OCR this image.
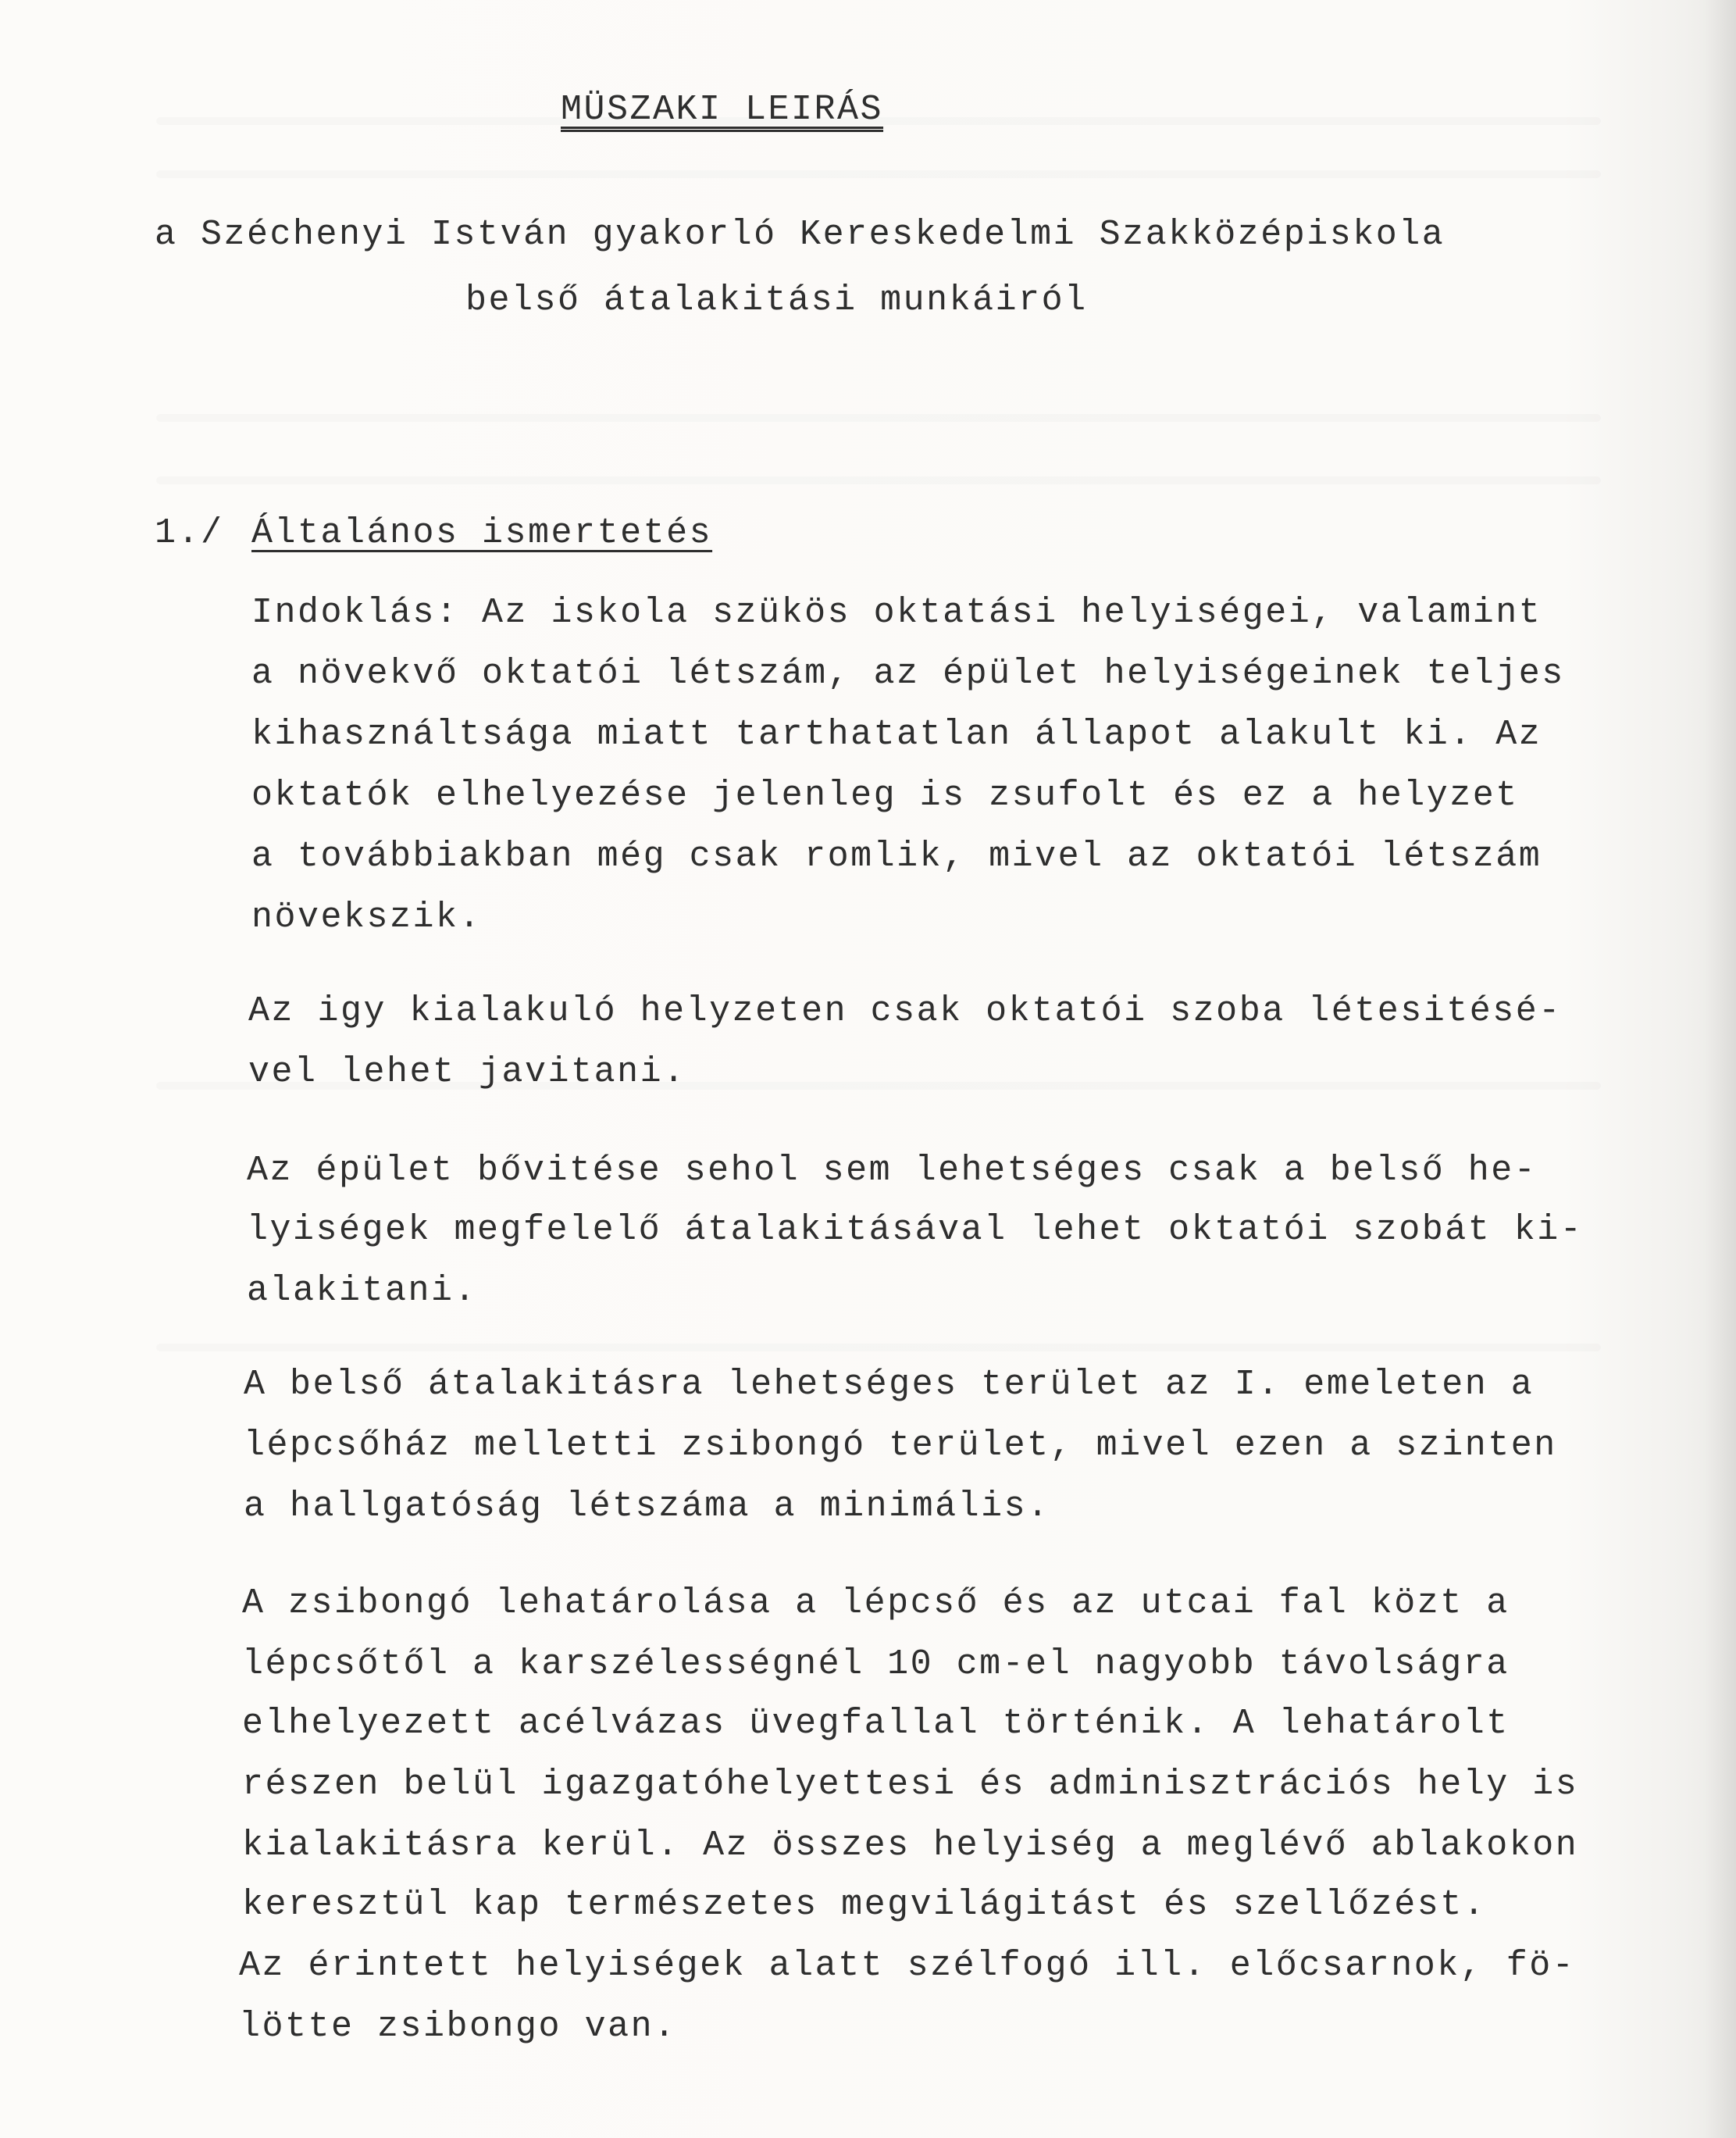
MÜSZAKI LEIRÁS

a Széchenyi István gyakorló Kereskedelmi Szakközépiskola

belső átalakitási munkáiról

1./ Általános ismertetés

Indoklás: Az iskola szükös oktatási helyiségei, valamint

a növekvő oktatói létszám, az épület helyiségeinek teljes

kihasználtsága miatt tarthatatlan állapot alakult ki. Az

oktatók elhelyezése jelenleg is zsufolt és ez a helyzet

a továbbiakban még csak romlik, mivel az oktatói létszám

növekszik.

Az igy kialakuló helyzeten csak oktatói szoba létesitésé-

vel lehet javitani.

Az épület bővitése sehol sem lehetséges csak a belső he-

lyiségek megfelelő átalakitásával lehet oktatói szobát ki-

alakitani.

A belső átalakitásra lehetséges terület az I. emeleten a

lépcsőház melletti zsibongó terület, mivel ezen a szinten

a hallgatóság létszáma a minimális.

A zsibongó lehatárolása a lépcső és az utcai fal közt a

lépcsőtől a karszélességnél 10 cm-el nagyobb távolságra

elhelyezett acélvázas üvegfallal történik. A lehatárolt

részen belül igazgatóhelyettesi és adminisztrációs hely is

kialakitásra kerül. Az összes helyiség a meglévő ablakokon

keresztül kap természetes megvilágitást és szellőzést.

Az érintett helyiségek alatt szélfogó ill. előcsarnok, fö-

lötte zsibongo van.
